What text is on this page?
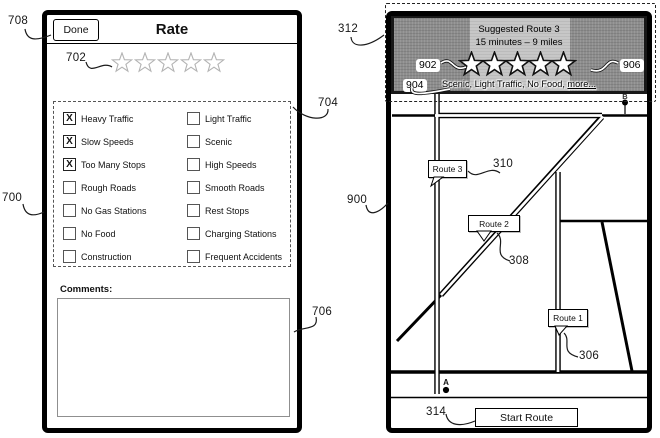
Done	Rate
X Heavy Traffic	Light Traffic
X Slow Speeds	Scenic
X Too Many Stops	High Speeds
Rough Roads	Smooth Roads
No Gas Stations	Rest Stops
No Food	Charging Stations
Construction	Frequent Accidents
Comments:
Suggested Route 3
15 minutes – 9 miles
Scenic, Light Traffic, No Food, more...
902	906
904
B
A
Route 3
Route 2
Route 1
Start Route
708
700
702
704
706
312
900
310
308
306
314
